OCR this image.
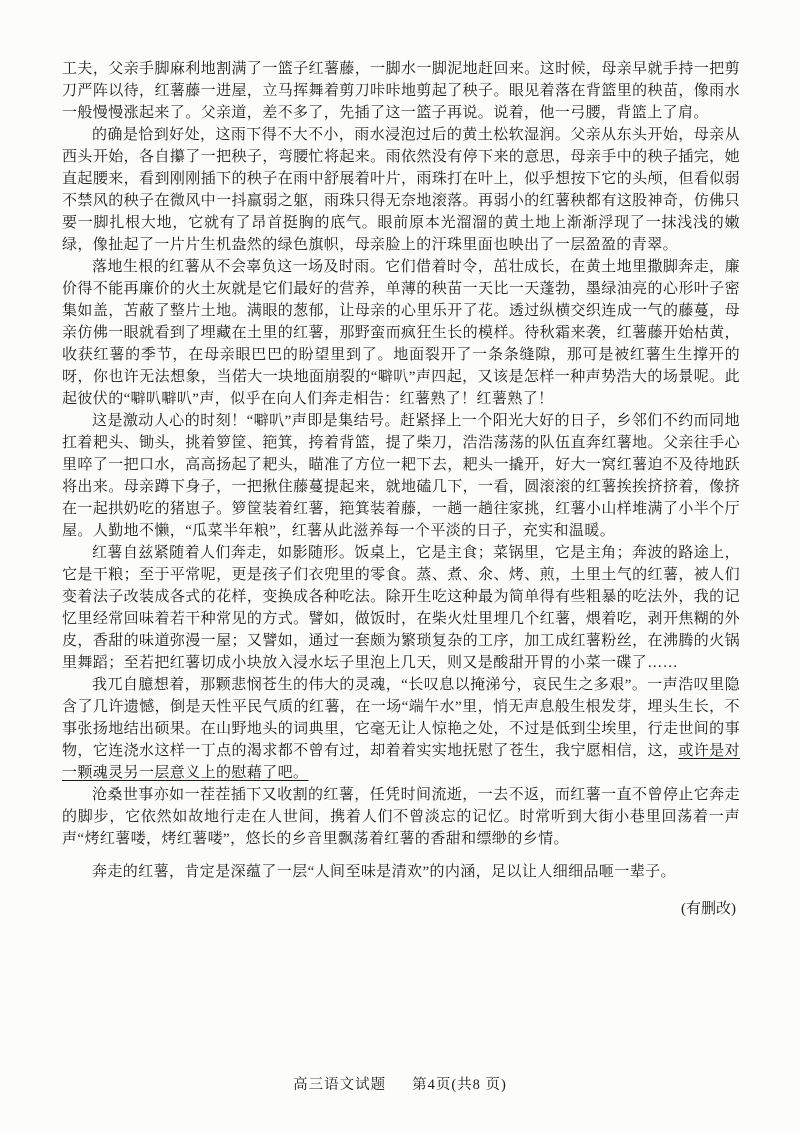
工夫，父亲手脚麻利地割满了一篮子红薯藤，一脚水一脚泥地赶回来。这时候，母亲早就手持一把剪刀严阵以待，红薯藤一进屋，立马挥舞着剪刀咔咔地剪起了秧子。眼见着落在背篮里的秧苗，像雨水一般慢慢涨起来了。父亲道，差不多了，先插了这一篮子再说。说着，他一弓腰，背篮上了肩。

的确是恰到好处，这雨下得不大不小，雨水浸泡过后的黄土松软湿润。父亲从东头开始，母亲从西头开始，各自攥了一把秧子，弯腰忙将起来。雨依然没有停下来的意思，母亲手中的秧子插完，她直起腰来，看到刚刚插下的秧子在雨中舒展着叶片，雨珠打在叶上，似乎想按下它的头颅，但看似弱不禁风的秧子在微风中一抖羸弱之躯，雨珠只得无奈地滚落。再弱小的红薯秧都有这股神奇，仿佛只要一脚扎根大地，它就有了昂首挺胸的底气。眼前原本光溜溜的黄土地上渐渐浮现了一抹浅浅的嫩绿，像扯起了一片片生机盎然的绿色旗帜，母亲脸上的汗珠里面也映出了一层盈盈的青翠。

落地生根的红薯从不会辜负这一场及时雨。它们借着时令，茁壮成长，在黄土地里撒脚奔走，廉价得不能再廉价的火土灰就是它们最好的营养，单薄的秧苗一天比一天蓬勃，墨绿油亮的心形叶子密集如盖，苫蔽了整片土地。满眼的葱郁，让母亲的心里乐开了花。透过纵横交织连成一气的藤蔓，母亲仿佛一眼就看到了埋藏在土里的红薯，那野蛮而疯狂生长的模样。待秋霜来袭，红薯藤开始枯黄，收获红薯的季节，在母亲眼巴巴的盼望里到了。地面裂开了一条条缝隙，那可是被红薯生生撑开的呀，你也许无法想象，当偌大一块地面崩裂的“噼叭”声四起，又该是怎样一种声势浩大的场景呢。此起彼伏的“噼叭噼叭”声，似乎在向人们奔走相告：红薯熟了！红薯熟了！

这是激动人心的时刻！“噼叭”声即是集结号。赶紧择上一个阳光大好的日子，乡邻们不约而同地扛着耙头、锄头，挑着箩筐、筢箕，挎着背篮，提了柴刀，浩浩荡荡的队伍直奔红薯地。父亲往手心里啐了一把口水，高高扬起了耙头，瞄准了方位一耙下去，耙头一撬开，好大一窝红薯迫不及待地跃将出来。母亲蹲下身子，一把揪住藤蔓提起来，就地磕几下，一看，圆滚滚的红薯挨挨挤挤着，像挤在一起拱奶吃的猪崽子。箩筐装着红薯，筢箕装着藤，一趟一趟往家挑，红薯小山样堆满了小半个厅屋。人勤地不懒，“瓜菜半年粮”，红薯从此滋养每一个平淡的日子，充实和温暖。

红薯自兹紧随着人们奔走，如影随形。饭桌上，它是主食；菜锅里，它是主角；奔波的路途上，它是干粮；至于平常呢，更是孩子们衣兜里的零食。蒸、煮、氽、烤、煎，土里土气的红薯，被人们变着法子改装成各式的花样，变换成各种吃法。除开生吃这种最为简单得有些粗暴的吃法外，我的记忆里经常回味着若干种常见的方式。譬如，做饭时，在柴火灶里埋几个红薯，煨着吃，剥开焦糊的外皮，香甜的味道弥漫一屋；又譬如，通过一套颇为繁琐复杂的工序，加工成红薯粉丝，在沸腾的火锅里舞蹈；至若把红薯切成小块放入浸水坛子里泡上几天，则又是酸甜开胃的小菜一碟了……

我兀自臆想着，那颗悲悯苍生的伟大的灵魂，“长叹息以掩涕兮，哀民生之多艰”。一声浩叹里隐含了几许遗憾，倒是天性平民气质的红薯，在一场“端午水”里，悄无声息般生根发芽，埋头生长，不事张扬地结出硕果。在山野地头的词典里，它毫无让人惊艳之处，不过是低到尘埃里，行走世间的事物，它连浇水这样一丁点的渴求都不曾有过，却着着实实地抚慰了苍生，我宁愿相信，这，或许是对一颗魂灵另一层意义上的慰藉了吧。

沧桑世事亦如一茬茬插下又收割的红薯，任凭时间流逝，一去不返，而红薯一直不曾停止它奔走的脚步，它依然如故地行走在人世间，携着人们不曾淡忘的记忆。时常听到大街小巷里回荡着一声声“烤红薯喽，烤红薯喽”，悠长的乡音里飘荡着红薯的香甜和缥缈的乡情。

奔走的红薯，肯定是深蕴了一层“人间至味是清欢”的内涵，足以让人细细品咂一辈子。

(有删改)
高三语文试题 第4页(共8 页)
